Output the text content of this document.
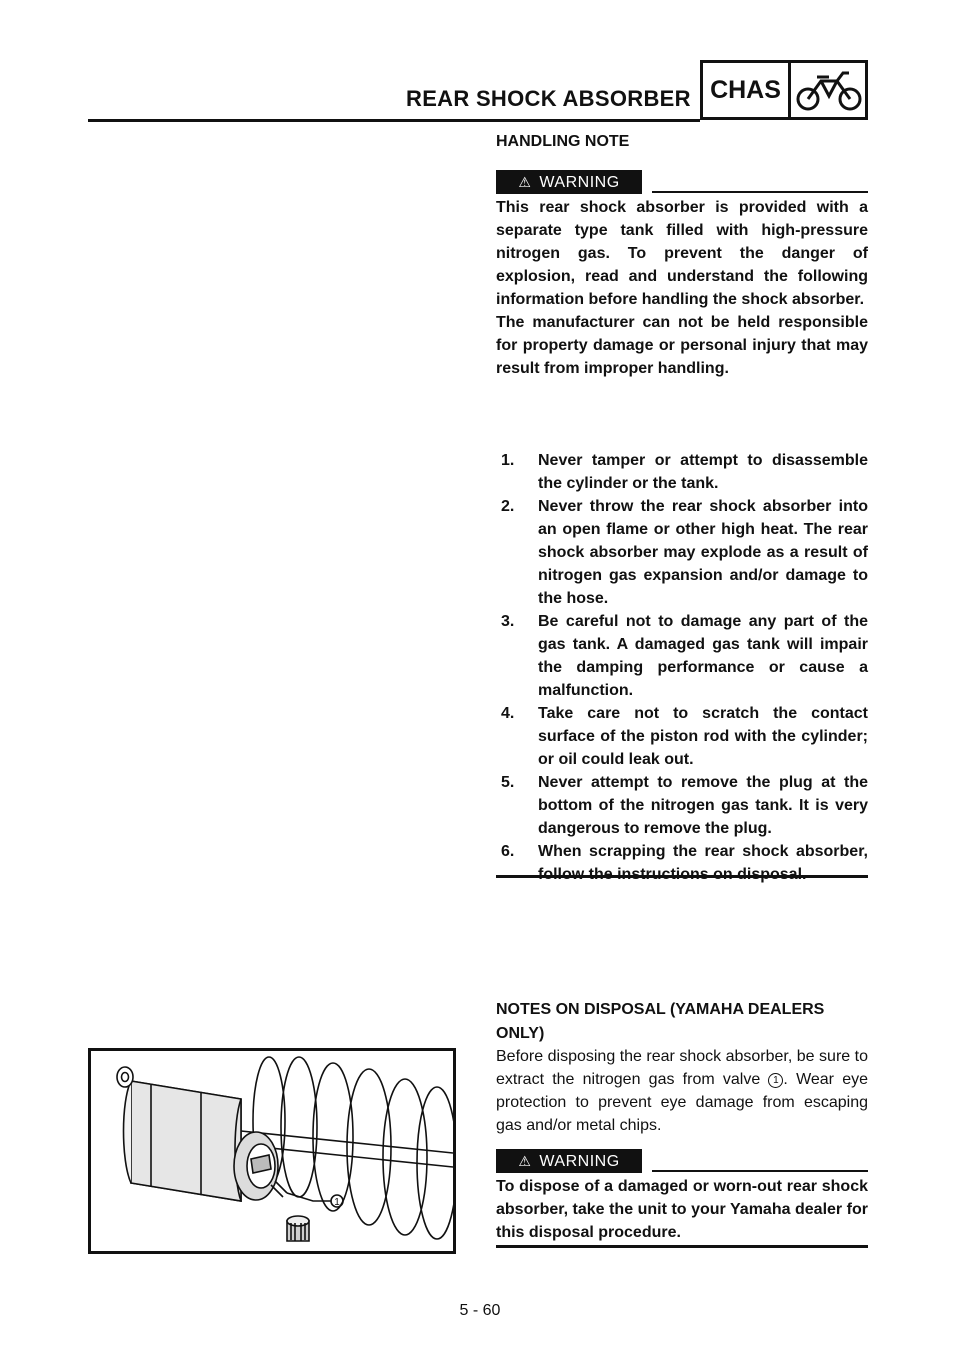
REAR SHOCK ABSORBER CHAS
HANDLING NOTE
⚠ WARNING
This rear shock absorber is provided with a separate type tank filled with high-pressure nitrogen gas. To prevent the danger of explosion, read and understand the following information before handling the shock absorber.
The manufacturer can not be held responsible for property damage or personal injury that may result from improper handling.
1. Never tamper or attempt to disassemble the cylinder or the tank.
2. Never throw the rear shock absorber into an open flame or other high heat. The rear shock absorber may explode as a result of nitrogen gas expansion and/or damage to the hose.
3. Be careful not to damage any part of the gas tank. A damaged gas tank will impair the damping performance or cause a malfunction.
4. Take care not to scratch the contact surface of the piston rod with the cylinder; or oil could leak out.
5. Never attempt to remove the plug at the bottom of the nitrogen gas tank. It is very dangerous to remove the plug.
6. When scrapping the rear shock absorber,
NOTES ON DISPOSAL (YAMAHA DEALERS ONLY)
Before disposing the rear shock absorber, be sure to extract the nitrogen gas from valve 1 . Wear eye protection to prevent eye damage from escaping gas and/or metal chips.
⚠ WARNING
To dispose of a damaged or worn-out rear shock absorber, take the unit to your Yamaha dealer for this disposal procedure.
1
5 - 60
